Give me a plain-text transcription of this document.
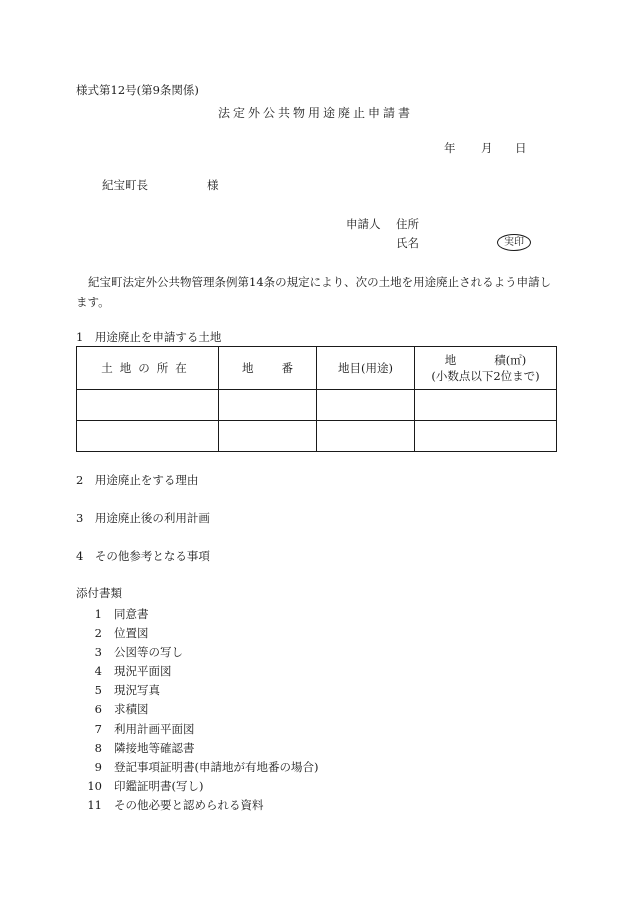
様式第12号(第9条関係)
法定外公共物用途廃止申請書
年 月 日
紀宝町長	様
申請人 住所
氏名	実印
紀宝町法定外公共物管理条例第14条の規定により、次の土地を用途廃止されるよう申請します。
1　用途廃止を申請する土地
土地の所在	地 番	地目(用途)	地 積(㎡)
(小数点以下2位まで)

2　用途廃止をする理由
3　用途廃止後の利用計画
4　その他参考となる事項
添付書類
1 同意書
2 位置図
3 公図等の写し
4 現況平面図
5 現況写真
6 求積図
7 利用計画平面図
8 隣接地等確認書
9 登記事項証明書(申請地が有地番の場合)
10 印鑑証明書(写し)
11 その他必要と認められる資料
